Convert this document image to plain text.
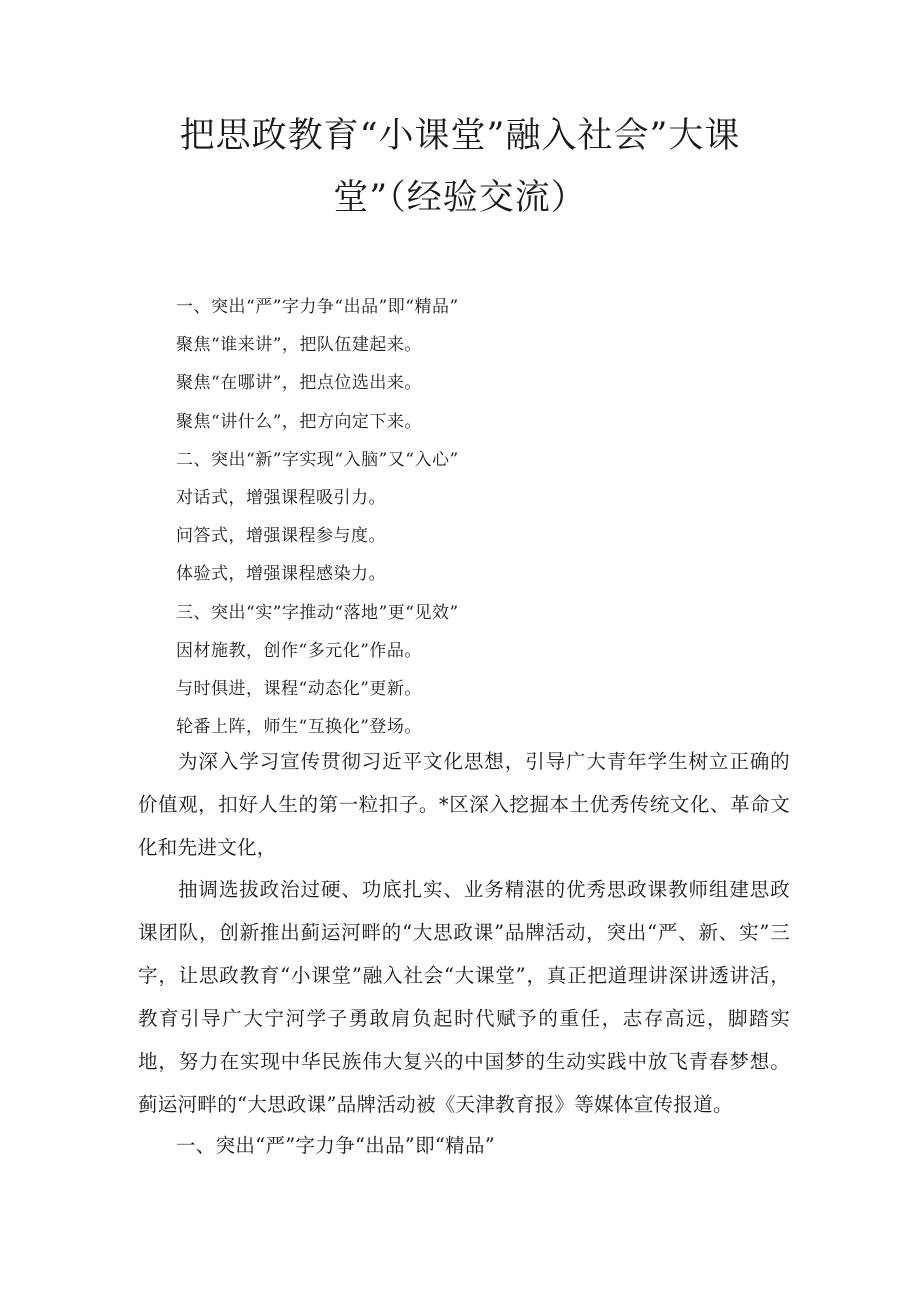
把思政教育“小课堂”融入社会”大课
堂”（经验交流）
一、突出“严”字力争“出品”即“精品”
聚焦“谁来讲”，把队伍建起来。
聚焦“在哪讲”，把点位选出来。
聚焦“讲什么”，把方向定下来。
二、突出“新”字实现“入脑”又“入心”
对话式，增强课程吸引力。
问答式，增强课程参与度。
体验式，增强课程感染力。
三、突出“实”字推动“落地”更“见效”
因材施教，创作“多元化”作品。
与时俱进，课程“动态化”更新。
轮番上阵，师生“互换化”登场。

为深入学习宣传贯彻习近平文化思想，引导广大青年学生树立正确的价值观，扣好人生的第一粒扣子。*区深入挖掘本土优秀传统文化、革命文化和先进文化，

抽调选拔政治过硬、功底扎实、业务精湛的优秀思政课教师组建思政课团队，创新推出蓟运河畔的“大思政课”品牌活动，突出“严、新、实”三字，让思政教育“小课堂”融入社会“大课堂”，真正把道理讲深讲透讲活，教育引导广大宁河学子勇敢肩负起时代赋予的重任，志存高远，脚踏实地，努力在实现中华民族伟大复兴的中国梦的生动实践中放飞青春梦想。蓟运河畔的“大思政课”品牌活动被《天津教育报》等媒体宣传报道。

一、突出“严”字力争“出品”即“精品”
